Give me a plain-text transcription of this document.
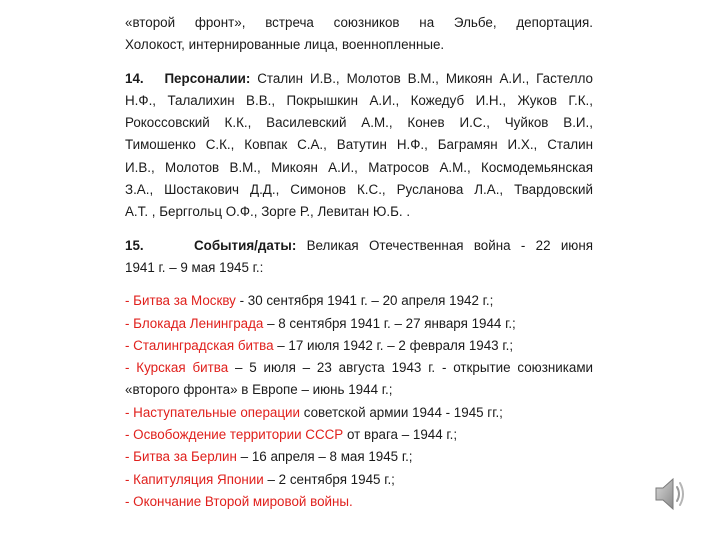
«второй фронт», встреча союзников на Эльбе, депортация.

Холокост, интернированные лица, военнопленные.

14. Персоналии: Сталин И.В., Молотов В.М., Микоян А.И., Гастелло

Н.Ф., Талалихин В.В., Покрышкин А.И., Кожедуб И.Н., Жуков Г.К.,

Рокоссовский К.К., Василевский А.М., Конев И.С., Чуйков В.И.,

Тимошенко С.К., Ковпак С.А., Ватутин Н.Ф., Баграмян И.Х., Сталин

И.В., Молотов В.М., Микоян А.И., Матросов А.М., Космодемьянская

З.А., Шостакович Д.Д., Симонов К.С., Русланова Л.А., Твардовский

А.Т. , Берггольц О.Ф., Зорге Р., Левитан Ю.Б. .

15.	События/даты: Великая Отечественная война - 22 июня

1941 г. – 9 мая 1945 г.:

- Битва за Москву - 30 сентября 1941 г. – 20 апреля 1942 г.;

- Блокада Ленинграда – 8 сентября 1941 г. – 27 января 1944 г.;

- Сталинградская битва – 17 июля 1942 г. – 2 февраля 1943 г.;

- Курская битва – 5 июля – 23 августа 1943 г. - открытие союзниками

«второго фронта» в Европе – июнь 1944 г.;

- Наступательные операции советской армии 1944 - 1945 гг.;

- Освобождение территории СССР от врага – 1944 г.;

- Битва за Берлин – 16 апреля – 8 мая 1945 г.;

- Капитуляция Японии – 2 сентября 1945 г.;

- Окончание Второй мировой войны.
